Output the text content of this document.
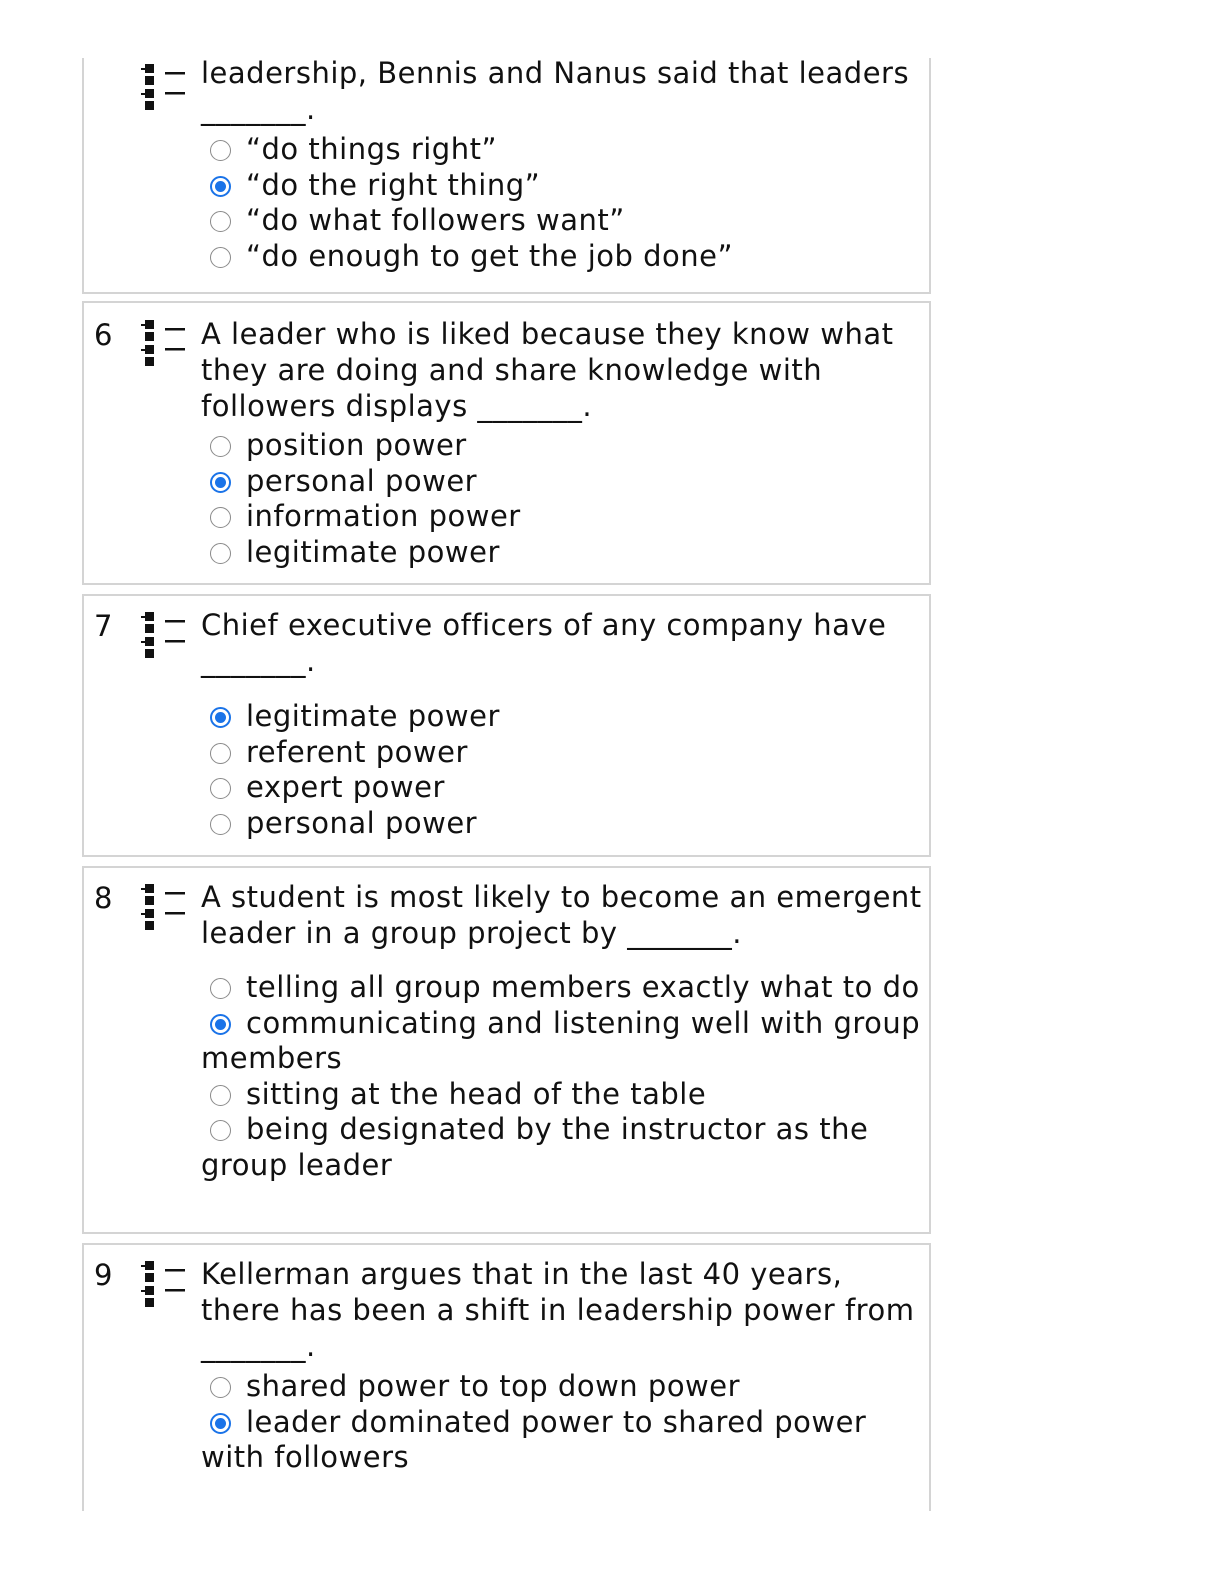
leadership, Bennis and Nanus said that leaders _______.
“do things right”
“do the right thing”
“do what followers want”
“do enough to get the job done”
6	A leader who is liked because they know what they are doing and share knowledge with followers displays _______.
position power
personal power
information power
legitimate power
7	Chief executive officers of any company have _______.
legitimate power
referent power
expert power
personal power
8	A student is most likely to become an emergent leader in a group project by _______.
telling all group members exactly what to do
communicating and listening well with group members
sitting at the head of the table
being designated by the instructor as the group leader
9	Kellerman argues that in the last 40 years, there has been a shift in leadership power from _______.
shared power to top down power
leader dominated power to shared power with followers
